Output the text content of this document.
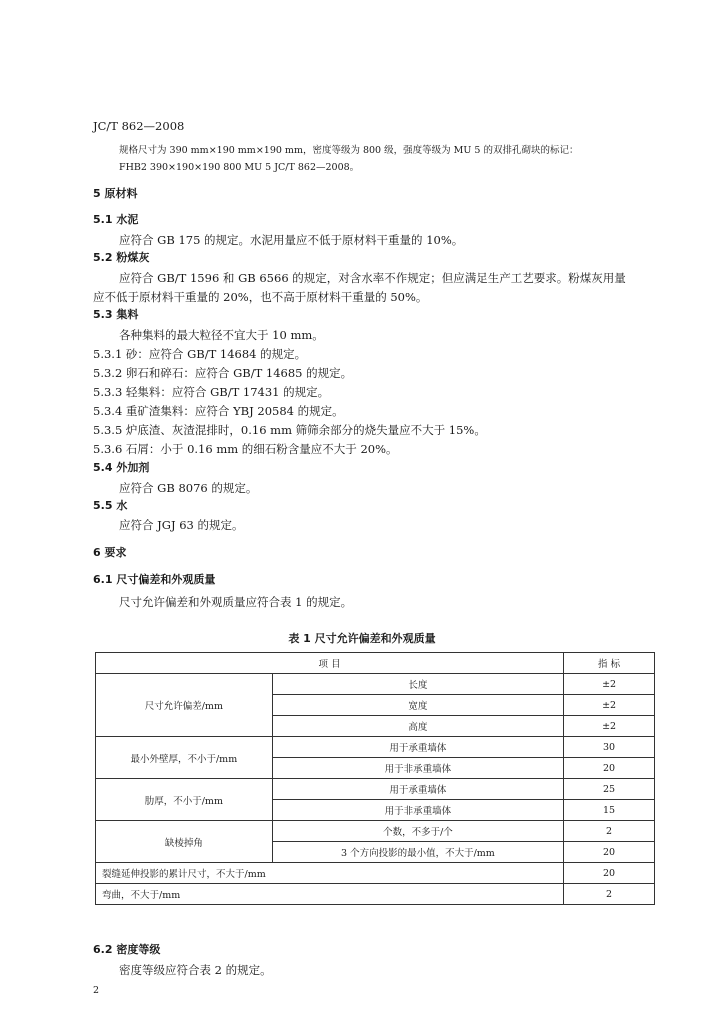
JC/T 862—2008
规格尺寸为 390 mm×190 mm×190 mm，密度等级为 800 级，强度等级为 MU 5 的双排孔砌块的标记：
FHB2 390×190×190 800 MU 5 JC/T 862—2008。
5 原材料
5.1 水泥
应符合 GB 175 的规定。水泥用量应不低于原材料干重量的 10%。
5.2 粉煤灰
应符合 GB/T 1596 和 GB 6566 的规定，对含水率不作规定；但应满足生产工艺要求。粉煤灰用量
应不低于原材料干重量的 20%，也不高于原材料干重量的 50%。
5.3 集料
各种集料的最大粒径不宜大于 10 mm。
5.3.1 砂：应符合 GB/T 14684 的规定。
5.3.2 卵石和碎石：应符合 GB/T 14685 的规定。
5.3.3 轻集料：应符合 GB/T 17431 的规定。
5.3.4 重矿渣集料：应符合 YBJ 20584 的规定。
5.3.5 炉底渣、灰渣混排时，0.16 mm 筛筛余部分的烧失量应不大于 15%。
5.3.6 石屑：小于 0.16 mm 的细石粉含量应不大于 20%。
5.4 外加剂
应符合 GB 8076 的规定。
5.5 水
应符合 JGJ 63 的规定。
6 要求
6.1 尺寸偏差和外观质量
尺寸允许偏差和外观质量应符合表 1 的规定。
表 1 尺寸允许偏差和外观质量
项 目		指 标
尺寸允许偏差/mm	长度	±2
	宽度	±2
	高度	±2
最小外壁厚，不小于/mm	用于承重墙体	30
	用于非承重墙体	20
肋厚，不小于/mm	用于承重墙体	25
	用于非承重墙体	15
缺棱掉角	个数，不多于/个	2
	3 个方向投影的最小值，不大于/mm	20
裂缝延伸投影的累计尺寸，不大于/mm		20
弯曲，不大于/mm		2
6.2 密度等级
密度等级应符合表 2 的规定。
2
